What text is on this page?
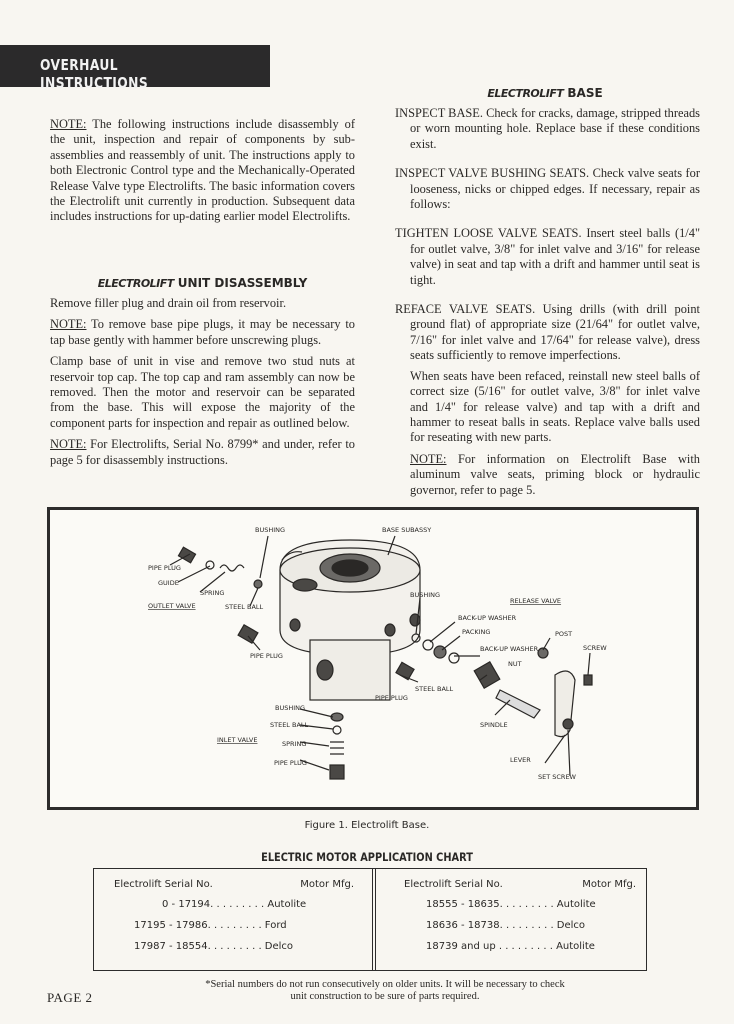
OVERHAUL INSTRUCTIONS

NOTE: The following instructions include disassembly of the unit, inspection and repair of components by sub-assemblies and reassembly of unit. The instructions apply to both Electronic Control type and the Mechanically-Operated Release Valve type Electrolifts. The basic information covers the Electrolift unit currently in production. Subsequent data includes instructions for up-dating earlier model Electrolifts.

ELECTROLIFT UNIT DISASSEMBLY

Remove filler plug and drain oil from reservoir.

NOTE: To remove base pipe plugs, it may be necessary to tap base gently with hammer before unscrewing plugs.

Clamp base of unit in vise and remove two stud nuts at reservoir top cap. The top cap and ram assembly can now be removed. Then the motor and reservoir can be separated from the base. This will expose the majority of the component parts for inspection and repair as outlined below.

NOTE: For Electrolifts, Serial No. 8799* and under, refer to page 5 for disassembly instructions.

ELECTROLIFT BASE

INSPECT BASE. Check for cracks, damage, stripped threads or worn mounting hole. Replace base if these conditions exist.

INSPECT VALVE BUSHING SEATS. Check valve seats for looseness, nicks or chipped edges. If necessary, repair as follows:

TIGHTEN LOOSE VALVE SEATS. Insert steel balls (1/4" for outlet valve, 3/8" for inlet valve and 3/16" for release valve) in seat and tap with a drift and hammer until seat is tight.

REFACE VALVE SEATS. Using drills (with drill point ground flat) of appropriate size (21/64" for outlet valve, 7/16" for inlet valve and 17/64" for release valve), dress seats sufficiently to remove imperfections.

When seats have been refaced, reinstall new steel balls of correct size (5/16" for outlet valve, 3/8" for inlet valve and 1/4" for release valve) and tap with a drift and hammer to reseat balls in seats. Replace valve balls used for reseating with new parts.

NOTE: For information on Electrolift Base with aluminum valve seats, priming block or hydraulic governor, refer to page 5.

BUSHING	BASE SUBASSY
PIPE PLUG
GUIDE
SPRING
OUTLET VALVE	STEEL BALL
PIPE PLUG
BUSHING
RELEASE VALVE
BACK-UP WASHER
PACKING
BACK-UP WASHER
POST
SCREW
NUT
STEEL BALL
PIPE PLUG
SPINDLE
BUSHING
STEEL BALL
INLET VALVE	SPRING
PIPE PLUG	LEVER
SET SCREW
Figure 1. Electrolift Base.
ELECTRIC MOTOR APPLICATION CHART
Electrolift Serial No.	Motor Mfg.
0 - 17194. . . . . . . . . Autolite
17195 - 17986. . . . . . . . . Ford
17987 - 18554. . . . . . . . . Delco
Electrolift Serial No.	Motor Mfg.
18555 - 18635. . . . . . . . . Autolite
18636 - 18738. . . . . . . . . Delco
18739 and up . . . . . . . . . Autolite
*Serial numbers do not run consecutively on older units. It will be necessary to check unit construction to be sure of parts required.
PAGE 2
